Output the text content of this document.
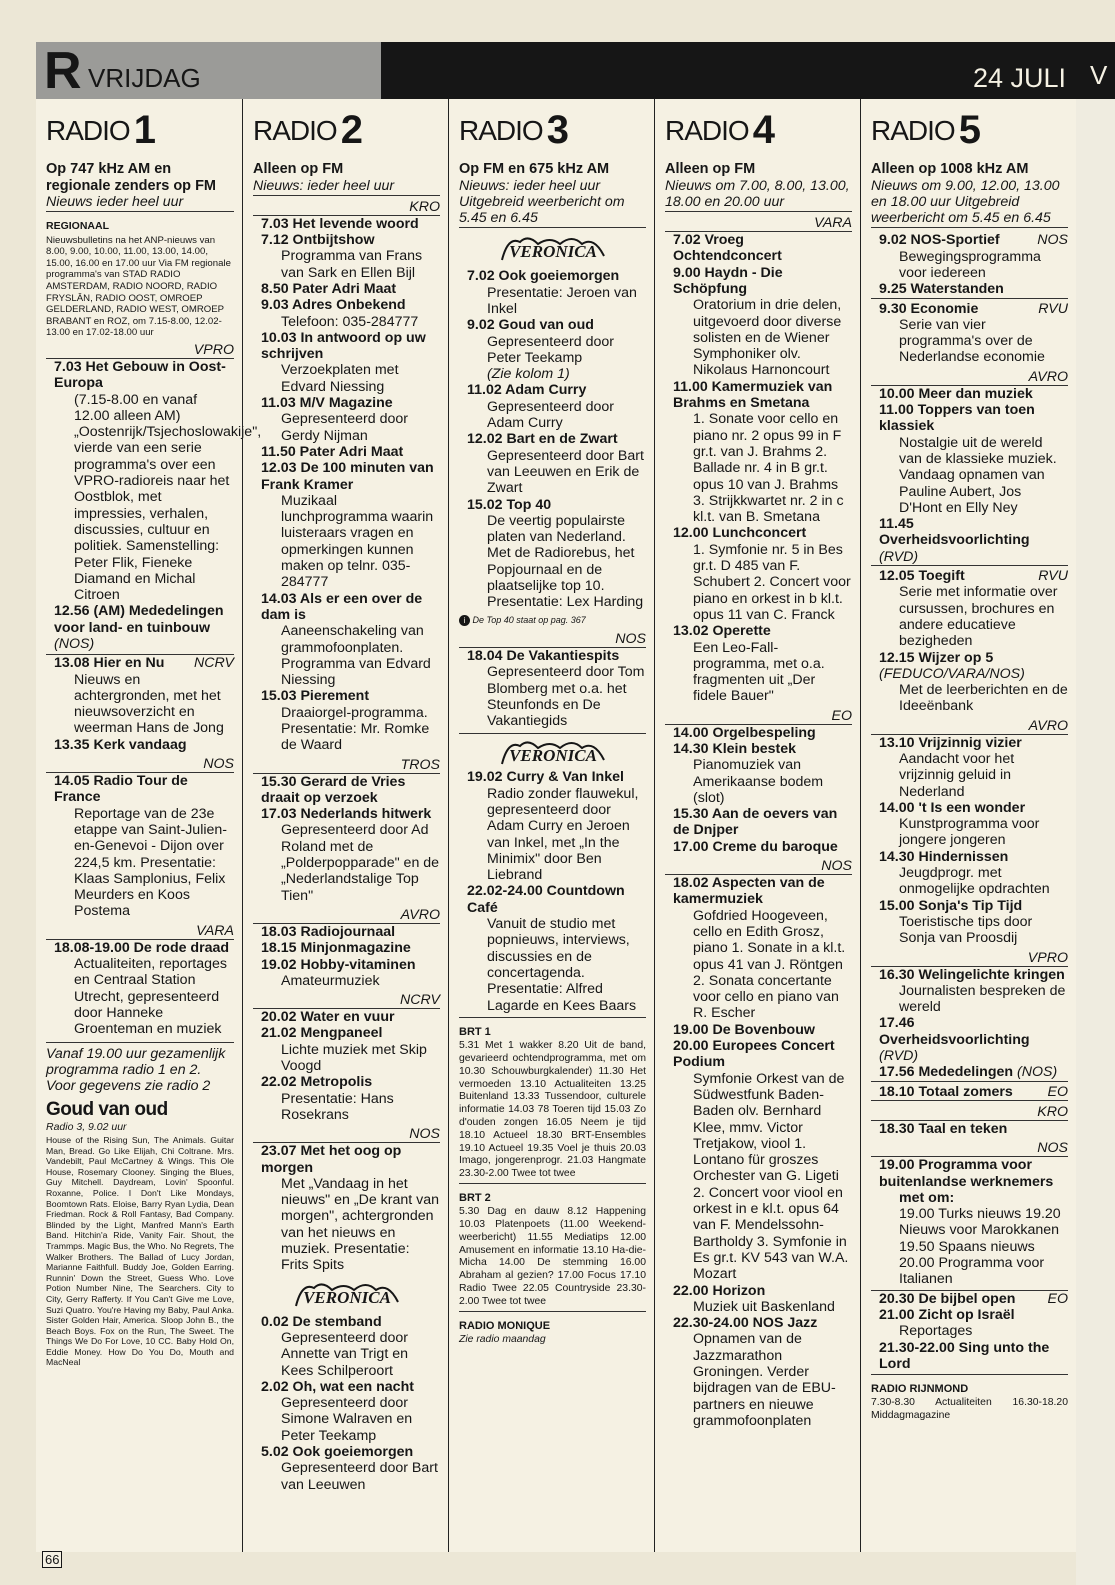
R VRIJDAG	24 JULI
RADIO 1
Op 747 kHz AM en regionale zenders op FM
Nieuws ieder heel uur
REGIONAAL
Nieuwsbulletins na het ANP-nieuws van 8.00, 9.00, 10.00, 11.00, 13.00, 14.00, 15.00, 16.00 en 17.00 uur Via FM regionale programma's van STAD RADIO AMSTERDAM, RADIO NOORD, RADIO FRYSLÂN, RADIO OOST, OMROEP GELDERLAND, RADIO WEST, OMROEP BRABANT en ROZ, om 7.15-8.00, 12.02-13.00 en 17.02-18.00 uur
VPRO
7.03 Het Gebouw in Oost-Europa
(7.15-8.00 en vanaf 12.00 alleen AM) „Oostenrijk/Tsjechoslowakije", vierde van een serie programma's over een VPRO-radioreis naar het Oostblok, met impressies, verhalen, discussies, cultuur en politiek. Samenstelling: Peter Flik, Fieneke Diamand en Michal Citroen
12.56 (AM) Mededelingen voor land- en tuinbouw (NOS)
13.08 Hier en Nu NCRV
Nieuws en achtergronden, met het nieuwsoverzicht en weerman Hans de Jong
13.35 Kerk vandaag
NOS
14.05 Radio Tour de France
Reportage van de 23e etappe van Saint-Julien-en-Genevoi - Dijon over 224,5 km. Presentatie: Klaas Samplonius, Felix Meurders en Koos Postema
VARA
18.08-19.00 De rode draad
Actualiteiten, reportages en Centraal Station Utrecht, gepresenteerd door Hanneke Groenteman en muziek
Vanaf 19.00 uur gezamenlijk programma radio 1 en 2. Voor gegevens zie radio 2
Goud van oud
Radio 3, 9.02 uur
House of the Rising Sun, The Animals. Guitar Man, Bread. Go Like Elijah, Chi Coltrane. Mrs. Vandebilt, Paul McCartney & Wings. This Ole House, Rosemary Clooney. Singing the Blues, Guy Mitchell. Daydream, Lovin' Spoonful. Roxanne, Police. I Don't Like Mondays, Boomtown Rats. Eloise, Barry Ryan Lydia, Dean Friedman. Rock & Roll Fantasy, Bad Company. Blinded by the Light, Manfred Mann's Earth Band. Hitchin'a Ride, Vanity Fair. Shout, the Trammps. Magic Bus, the Who. No Regrets, The Walker Brothers. The Ballad of Lucy Jordan, Marianne Faithfull. Buddy Joe, Golden Earring. Runnin' Down the Street, Guess Who. Love Potion Number Nine, The Searchers. City to City, Gerry Rafferty. If You Can't Give me Love, Suzi Quatro. You're Having my Baby, Paul Anka. Sister Golden Hair, America. Sloop John B., the Beach Boys. Fox on the Run, The Sweet. The Things We Do For Love, 10 CC. Baby Hold On, Eddie Money. How Do You Do, Mouth and MacNeal
RADIO 2
Alleen op FM
Nieuws: ieder heel uur
KRO
7.03 Het levende woord
7.12 Ontbijtshow
Programma van Frans van Sark en Ellen Bijl
8.50 Pater Adri Maat
9.03 Adres Onbekend
Telefoon: 035-284777
10.03 In antwoord op uw schrijven
Verzoekplaten met Edvard Niessing
11.03 M/V Magazine
Gepresenteerd door Gerdy Nijman
11.50 Pater Adri Maat
12.03 De 100 minuten van Frank Kramer
Muzikaal lunchprogramma waarin luisteraars vragen en opmerkingen kunnen maken op telnr. 035-284777
14.03 Als er een over de dam is
Aaneenschakeling van grammofoonplaten. Programma van Edvard Niessing
15.03 Pierement
Draaiorgel-programma. Presentatie: Mr. Romke de Waard
TROS
15.30 Gerard de Vries draait op verzoek
17.03 Nederlands hitwerk
Gepresenteerd door Ad Roland met de „Polderpopparade" en de „Nederlandstalige Top Tien"
AVRO
18.03 Radiojournaal
18.15 Minjonmagazine
19.02 Hobby-vitaminen
Amateurmuziek
NCRV
20.02 Water en vuur
21.02 Mengpaneel
Lichte muziek met Skip Voogd
22.02 Metropolis
Presentatie: Hans Rosekrans
NOS
23.07 Met het oog op morgen
Met „Vandaag in het nieuws" en „De krant van morgen", achtergronden van het nieuws en muziek. Presentatie: Frits Spits
VERONICA
0.02 De stemband
Gepresenteerd door Annette van Trigt en Kees Schilperoort
2.02 Oh, wat een nacht
Gepresenteerd door Simone Walraven en Peter Teekamp
5.02 Ook goeiemorgen
Gepresenteerd door Bart van Leeuwen
RADIO 3
Op FM en 675 kHz AM
Nieuws: ieder heel uur Uitgebreid weerbericht om 5.45 en 6.45
VERONICA
7.02 Ook goeiemorgen
Presentatie: Jeroen van Inkel
9.02 Goud van oud
Gepresenteerd door Peter Teekamp
(Zie kolom 1)
11.02 Adam Curry
Gepresenteerd door Adam Curry
12.02 Bart en de Zwart
Gepresenteerd door Bart van Leeuwen en Erik de Zwart
15.02 Top 40
De veertig populairste platen van Nederland. Met de Radiorebus, het Popjournaal en de plaatselijke top 10. Presentatie: Lex Harding
i De Top 40 staat op pag. 367
NOS
18.04 De Vakantiespits
Gepresenteerd door Tom Blomberg met o.a. het Steunfonds en De Vakantiegids
VERONICA
19.02 Curry & Van Inkel
Radio zonder flauwekul, gepresenteerd door Adam Curry en Jeroen van Inkel, met „In the Minimix" door Ben Liebrand
22.02-24.00 Countdown Café
Vanuit de studio met popnieuws, interviews, discussies en de concertagenda. Presentatie: Alfred Lagarde en Kees Baars
BRT 1
5.31 Met 1 wakker 8.20 Uit de band, gevarieerd ochtendprogramma, met om 10.30 Schouwburgkalender) 11.30 Het vermoeden 13.10 Actualiteiten 13.25 Buitenland 13.33 Tussendoor, culturele informatie 14.03 78 Toeren tijd 15.03 Zo d'ouden zongen 16.05 Neem je tijd 18.10 Actueel 18.30 BRT-Ensembles 19.10 Actueel 19.35 Voel je thuis 20.03 Imago, jongerenprogr. 21.03 Hangmate 23.30-2.00 Twee tot twee
BRT 2
5.30 Dag en dauw 8.12 Happening 10.03 Platenpoets (11.00 Weekend-weerbericht) 11.55 Mediatips 12.00 Amusement en informatie 13.10 Ha-die-Micha 14.00 De stemming 16.00 Abraham al gezien? 17.00 Focus 17.10 Radio Twee 22.05 Countryside 23.30-2.00 Twee tot twee
RADIO MONIQUE
Zie radio maandag
RADIO 4
Alleen op FM
Nieuws om 7.00, 8.00, 13.00, 18.00 en 20.00 uur
VARA
7.02 Vroeg Ochtendconcert
9.00 Haydn - Die Schöpfung
Oratorium in drie delen, uitgevoerd door diverse solisten en de Wiener Symphoniker olv. Nikolaus Harnoncourt
11.00 Kamermuziek van Brahms en Smetana
1. Sonate voor cello en piano nr. 2 opus 99 in F gr.t. van J. Brahms 2. Ballade nr. 4 in B gr.t. opus 10 van J. Brahms 3. Strijkkwartet nr. 2 in c kl.t. van B. Smetana
12.00 Lunchconcert
1. Symfonie nr. 5 in Bes gr.t. D 485 van F. Schubert 2. Concert voor piano en orkest in b kl.t. opus 11 van C. Franck
13.02 Operette
Een Leo-Fall-programma, met o.a. fragmenten uit „Der fidele Bauer"
EO
14.00 Orgelbespeling
14.30 Klein bestek
Pianomuziek van Amerikaanse bodem (slot)
15.30 Aan de oevers van de Dnjper
17.00 Creme du baroque
NOS
18.02 Aspecten van de kamermuziek
Gofdried Hoogeveen, cello en Edith Grosz, piano 1. Sonate in a kl.t. opus 41 van J. Röntgen 2. Sonata concertante voor cello en piano van R. Escher
19.00 De Bovenbouw
20.00 Europees Concert Podium
Symfonie Orkest van de Südwestfunk Baden-Baden olv. Bernhard Klee, mmv. Victor Tretjakow, viool 1. Lontano für groszes Orchester van G. Ligeti 2. Concert voor viool en orkest in e kl.t. opus 64 van F. Mendelssohn-Bartholdy 3. Symfonie in Es gr.t. KV 543 van W.A. Mozart
22.00 Horizon
Muziek uit Baskenland
22.30-24.00 NOS Jazz
Opnamen van de Jazzmarathon Groningen. Verder bijdragen van de EBU-partners en nieuwe grammofoonplaten
RADIO 5
Alleen op 1008 kHz AM
Nieuws om 9.00, 12.00, 13.00 en 18.00 uur Uitgebreid weerbericht om 5.45 en 6.45
9.02 NOS-Sportief	NOS
Bewegingsprogramma voor iedereen
9.25 Waterstanden
9.30 Economie	RVU
Serie van vier programma's over de Nederlandse economie
AVRO
10.00 Meer dan muziek
11.00 Toppers van toen klassiek
Nostalgie uit de wereld van de klassieke muziek. Vandaag opnamen van Pauline Aubert, Jos D'Hont en Elly Ney
11.45 Overheidsvoorlichting (RVD)
12.05 Toegift	RVU
Serie met informatie over cursussen, brochures en andere educatieve bezigheden
12.15 Wijzer op 5 (FEDUCO/VARA/NOS)
Met de leerberichten en de Ideeënbank
AVRO
13.10 Vrijzinnig vizier
Aandacht voor het vrijzinnig geluid in Nederland
14.00 't Is een wonder
Kunstprogramma voor jongere jongeren
14.30 Hindernissen
Jeugdprogr. met onmogelijke opdrachten
15.00 Sonja's Tip Tijd
Toeristische tips door Sonja van Proosdij
VPRO
16.30 Welingelichte kringen
Journalisten bespreken de wereld
17.46 Overheidsvoorlichting (RVD)
17.56 Mededelingen (NOS)
18.10 Totaal zomers EO
KRO
18.30 Taal en teken
NOS
19.00 Programma voor buitenlandse werknemers
met om:
19.00 Turks nieuws 19.20 Nieuws voor Marokkanen 19.50 Spaans nieuws 20.00 Programma voor Italianen
20.30 De bijbel open EO
21.00 Zicht op Israël
Reportages
21.30-22.00 Sing unto the Lord
RADIO RIJNMOND
7.30-8.30 Actualiteiten 16.30-18.20 Middagmagazine
V
66
